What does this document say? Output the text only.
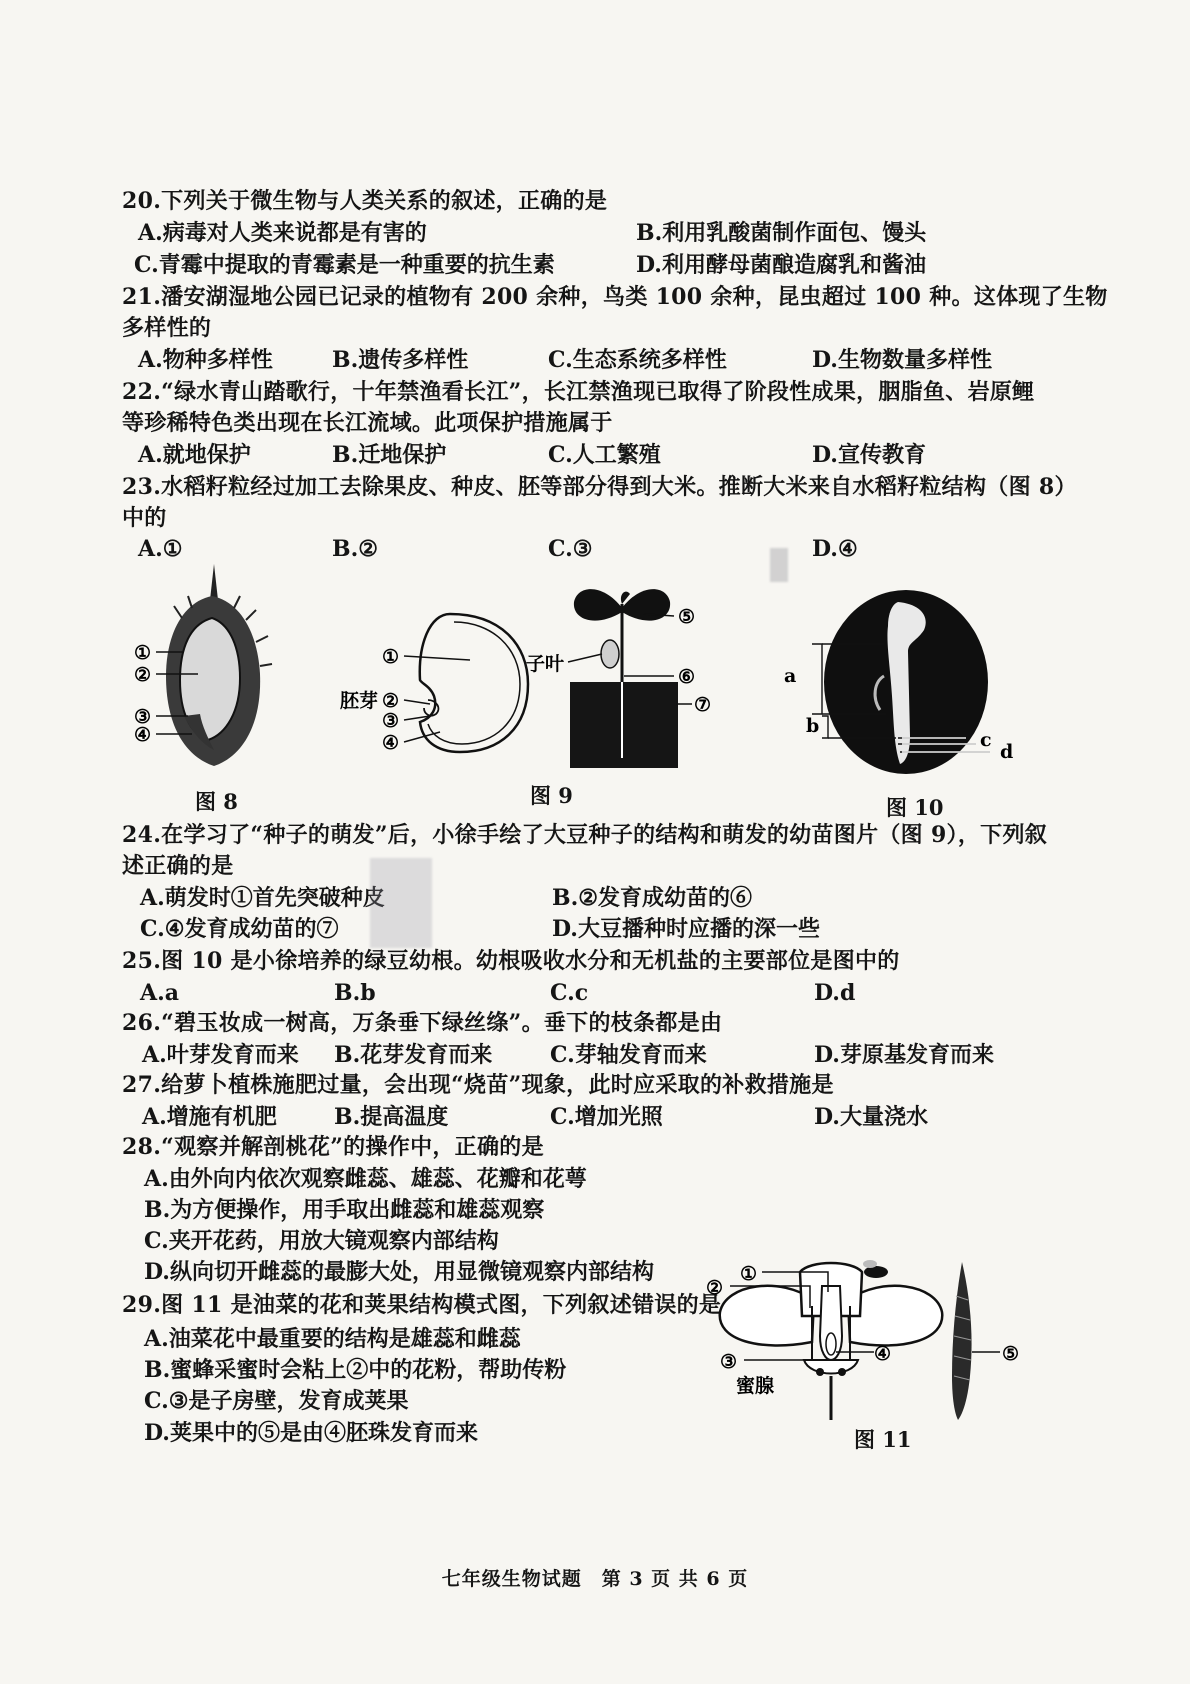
20.下列关于微生物与人类关系的叙述，正确的是
A.病毒对人类来说都是有害的	B.利用乳酸菌制作面包、馒头
C.青霉中提取的青霉素是一种重要的抗生素	D.利用酵母菌酿造腐乳和酱油
21.潘安湖湿地公园已记录的植物有 200 余种，鸟类 100 余种，昆虫超过 100 种。这体现了生物
多样性的
A.物种多样性	B.遗传多样性	C.生态系统多样性	D.生物数量多样性
22.“绿水青山踏歌行，十年禁渔看长江”，长江禁渔现已取得了阶段性成果，胭脂鱼、岩原鲤
等珍稀特色类出现在长江流域。此项保护措施属于
A.就地保护	B.迁地保护	C.人工繁殖	D.宣传教育
23.水稻籽粒经过加工去除果皮、种皮、胚等部分得到大米。推断大米来自水稻籽粒结构（图 8）
中的
A.①	B.②	C.③	D.④
①
②
③
④
图 8
①
②
③
④
胚芽
⑤
⑥
⑦
子叶
图 9
a
b
c
d
图 10
24.在学习了“种子的萌发”后，小徐手绘了大豆种子的结构和萌发的幼苗图片（图 9），下列叙
述正确的是
A.萌发时①首先突破种皮	B.②发育成幼苗的⑥
C.④发育成幼苗的⑦	D.大豆播种时应播的深一些
25.图 10 是小徐培养的绿豆幼根。幼根吸收水分和无机盐的主要部位是图中的
A.a	B.b	C.c	D.d
26.“碧玉妆成一树高，万条垂下绿丝绦”。垂下的枝条都是由
A.叶芽发育而来 B.花芽发育而来	C.芽轴发育而来	D.芽原基发育而来
27.给萝卜植株施肥过量，会出现“烧苗”现象，此时应采取的补救措施是
A.增施有机肥	B.提高温度	C.增加光照	D.大量浇水
28.“观察并解剖桃花”的操作中，正确的是
A.由外向内依次观察雌蕊、雄蕊、花瓣和花萼
B.为方便操作，用手取出雌蕊和雄蕊观察
C.夹开花药，用放大镜观察内部结构
D.纵向切开雌蕊的最膨大处，用显微镜观察内部结构
29.图 11 是油菜的花和荚果结构模式图，下列叙述错误的是
A.油菜花中最重要的结构是雄蕊和雌蕊
B.蜜蜂采蜜时会粘上②中的花粉，帮助传粉
C.③是子房壁，发育成荚果
D.荚果中的⑤是由④胚珠发育而来
①
②
③	④	⑤
蜜腺
图 11
七年级生物试题　第 3 页 共 6 页
